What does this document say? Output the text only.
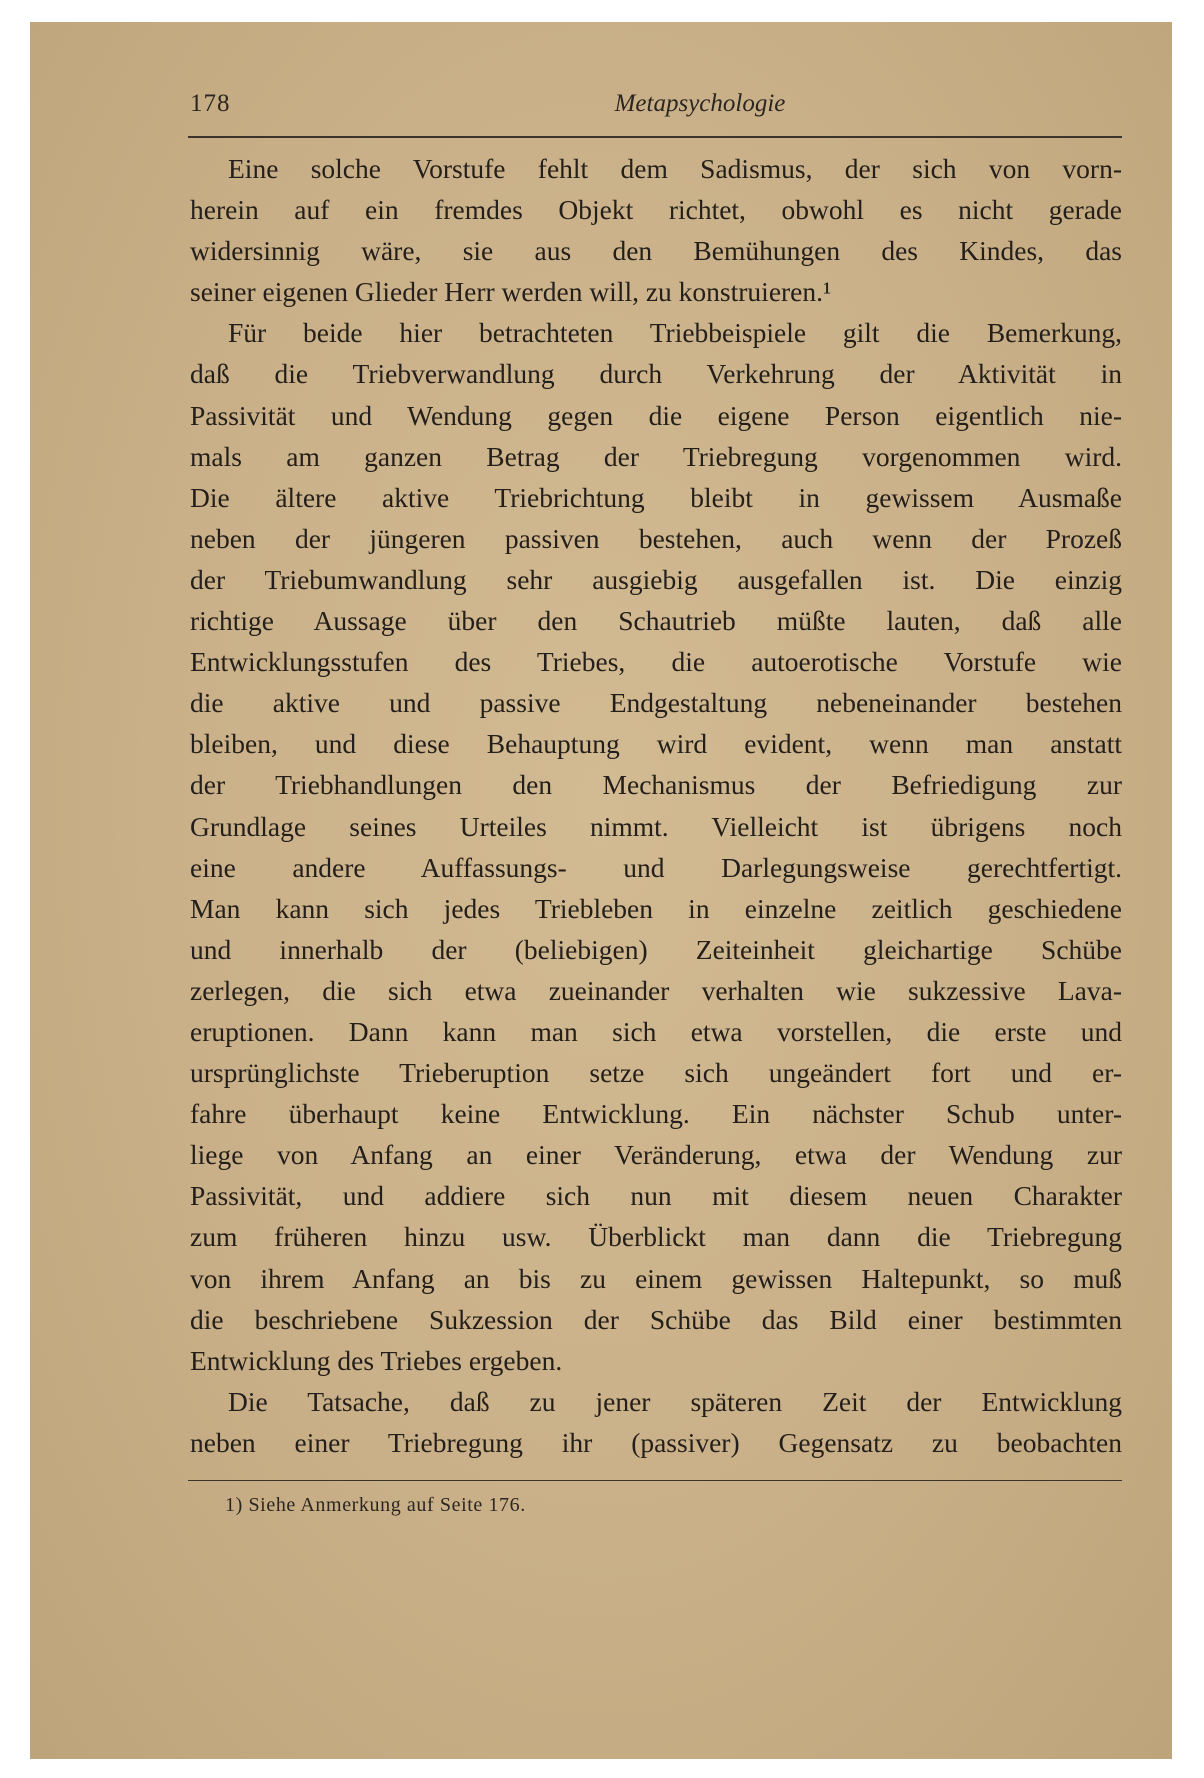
178	Metapsychologie
Eine solche Vorstufe fehlt dem Sadismus, der sich von vorn-
herein auf ein fremdes Objekt richtet, obwohl es nicht gerade
widersinnig wäre, sie aus den Bemühungen des Kindes, das
seiner eigenen Glieder Herr werden will, zu konstruieren.¹
Für beide hier betrachteten Triebbeispiele gilt die Bemerkung,
daß die Triebverwandlung durch Verkehrung der Aktivität in
Passivität und Wendung gegen die eigene Person eigentlich nie-
mals am ganzen Betrag der Triebregung vorgenommen wird.
Die ältere aktive Triebrichtung bleibt in gewissem Ausmaße
neben der jüngeren passiven bestehen, auch wenn der Prozeß
der Triebumwandlung sehr ausgiebig ausgefallen ist. Die einzig
richtige Aussage über den Schautrieb müßte lauten, daß alle
Entwicklungsstufen des Triebes, die autoerotische Vorstufe wie
die aktive und passive Endgestaltung nebeneinander bestehen
bleiben, und diese Behauptung wird evident, wenn man anstatt
der Triebhandlungen den Mechanismus der Befriedigung zur
Grundlage seines Urteiles nimmt. Vielleicht ist übrigens noch
eine andere Auffassungs- und Darlegungsweise gerechtfertigt.
Man kann sich jedes Triebleben in einzelne zeitlich geschiedene
und innerhalb der (beliebigen) Zeiteinheit gleichartige Schübe
zerlegen, die sich etwa zueinander verhalten wie sukzessive Lava-
eruptionen. Dann kann man sich etwa vorstellen, die erste und
ursprünglichste Trieberuption setze sich ungeändert fort und er-
fahre überhaupt keine Entwicklung. Ein nächster Schub unter-
liege von Anfang an einer Veränderung, etwa der Wendung zur
Passivität, und addiere sich nun mit diesem neuen Charakter
zum früheren hinzu usw. Überblickt man dann die Triebregung
von ihrem Anfang an bis zu einem gewissen Haltepunkt, so muß
die beschriebene Sukzession der Schübe das Bild einer bestimmten
Entwicklung des Triebes ergeben.
Die Tatsache, daß zu jener späteren Zeit der Entwicklung
neben einer Triebregung ihr (passiver) Gegensatz zu beobachten
1) Siehe Anmerkung auf Seite 176.
